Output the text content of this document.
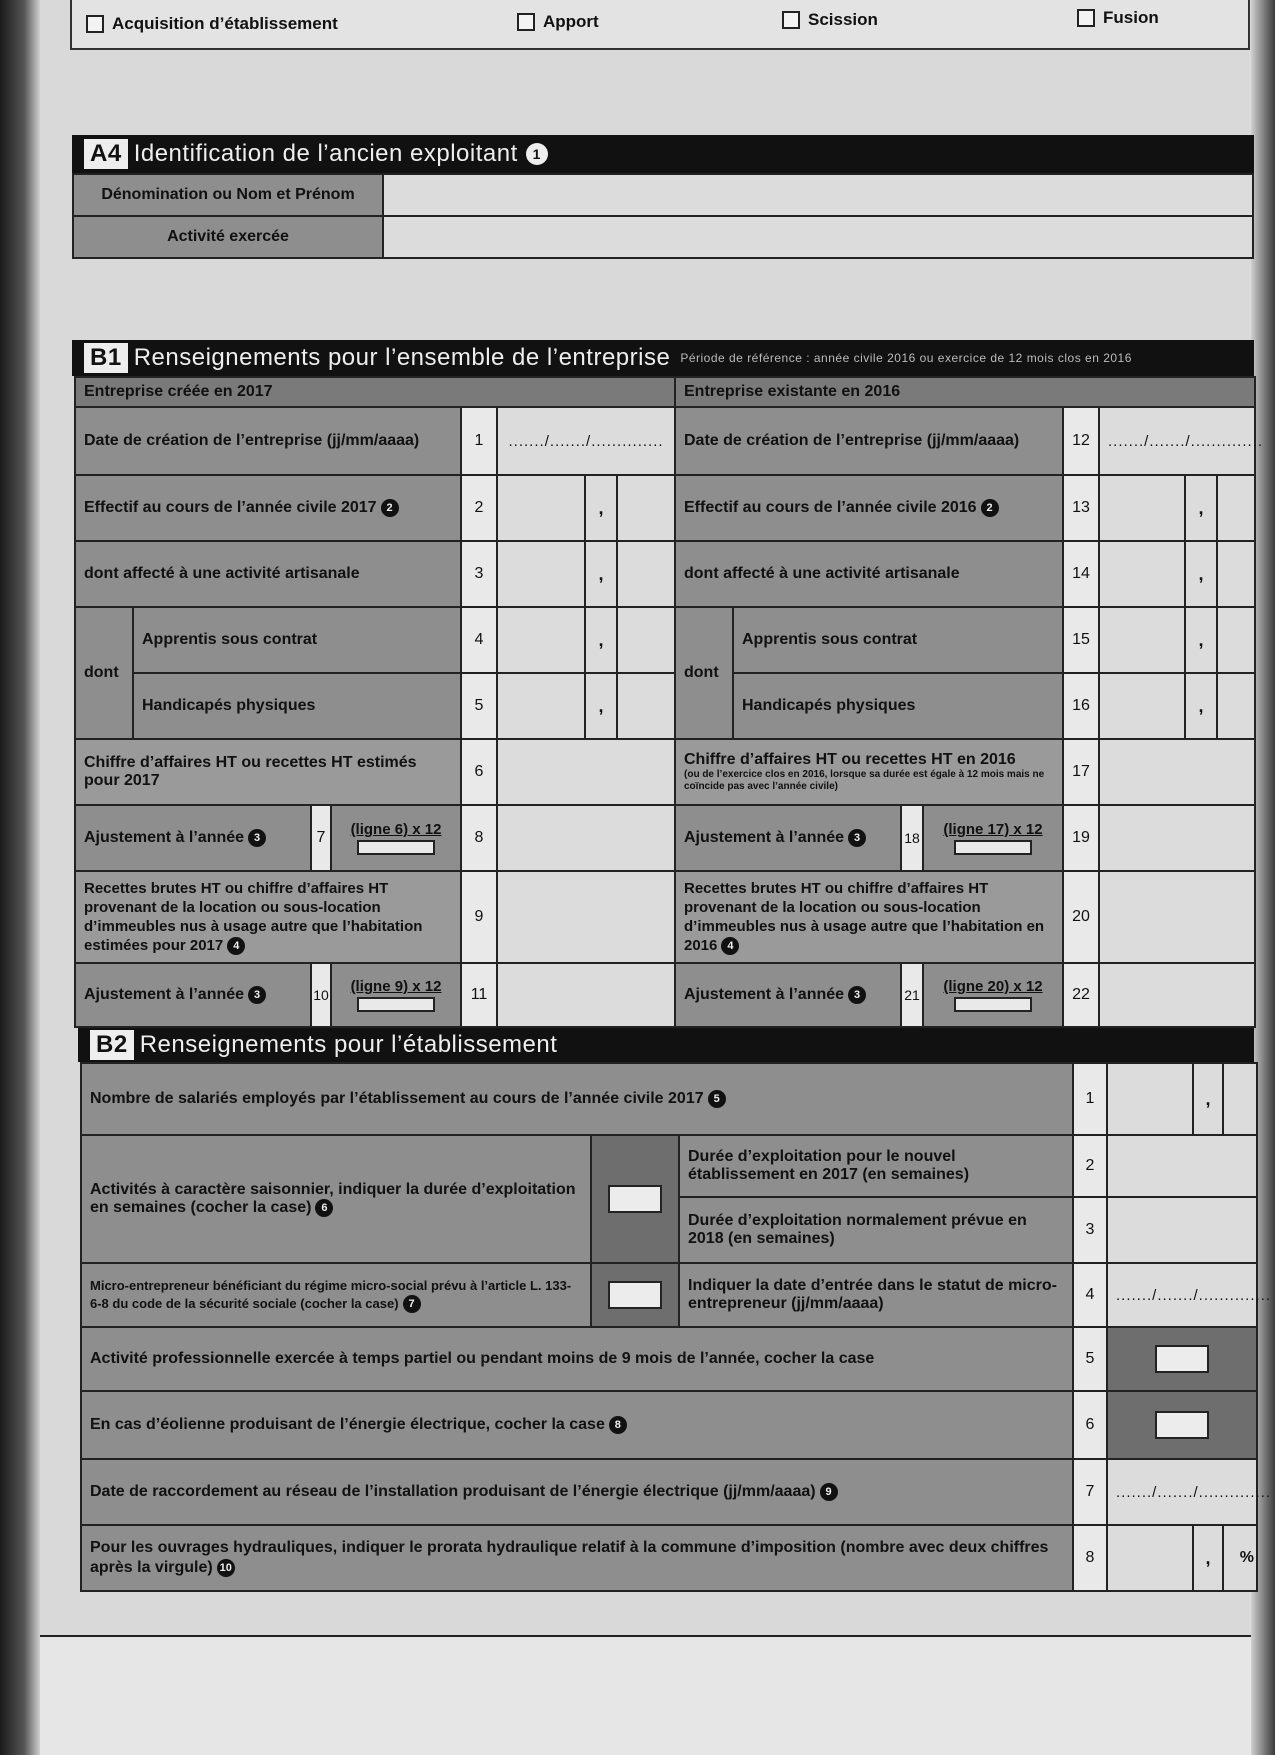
Acquisition d’établissement	Apport	Scission	Fusion
A4 Identification de l’ancien exploitant	1
Dénomination ou Nom et Prénom	
Activité exercée	
B1 Renseignements pour l’ensemble de l’entreprise Période de référence : année civile 2016 ou exercice de 12 mois clos en 2016
Entreprise créée en 2017							
Date de création de l’entreprise (jj/mm/aaaa)				1	......./......./..............		
Effectif au cours de l’année civile 2017 2				2		,	
dont affecté à une activité artisanale				3		,	
dont	Apprentis sous contrat			4		,	
	Handicapés physiques			5		,	
Chiffre d’affaires HT ou recettes HT estimés pour 2017				6			
Ajustement à l’année 3		7	(ligne 6) x 12	8			
Recettes brutes HT ou chiffre d’affaires HT provenant de la location ou sous-location d’immeubles nus à usage autre que l’habitation estimées pour 2017 4				9			
Ajustement à l’année 3		10	(ligne 9) x 12	11			
Entreprise existante en 2016							
Date de création de l’entreprise (jj/mm/aaaa)				12	......./......./..............		
Effectif au cours de l’année civile 2016 2				13		,	
dont affecté à une activité artisanale				14		,	
dont	Apprentis sous contrat			15		,	
	Handicapés physiques			16		,	
Chiffre d’affaires HT ou recettes HT en 2016
(ou de l’exercice clos en 2016, lorsque sa durée est égale à 12 mois mais ne coïncide pas avec l’année civile)				17			
Ajustement à l’année 3		18	(ligne 17) x 12	19			
Recettes brutes HT ou chiffre d’affaires HT provenant de la location ou sous-location d’immeubles nus à usage autre que l’habitation en 2016 4				20			
Ajustement à l’année 3		21	(ligne 20) x 12	22			
B2 Renseignements pour l’établissement
Nombre de salariés employés par l’établissement au cours de l’année civile 2017 5			1		,	
Activités à caractère saisonnier, indiquer la durée d’exploitation en semaines (cocher la case) 6		Durée d’exploitation pour le nouvel établissement en 2017 (en semaines)	2			
		Durée d’exploitation normalement prévue en 2018 (en semaines)	3			
Micro-entrepreneur bénéficiant du régime micro-social prévu à l’article L. 133-6-8 du code de la sécurité sociale (cocher la case) 7		Indiquer la date d’entrée dans le statut de micro-entrepreneur (jj/mm/aaaa)	4	......./......./..............		
Activité professionnelle exercée à temps partiel ou pendant moins de 9 mois de l’année, cocher la case			5			

En cas d’éolienne produisant de l’énergie électrique, cocher la case 8			6			

Date de raccordement au réseau de l’installation produisant de l’énergie électrique (jj/mm/aaaa) 9			7	......./......./..............		
Pour les ouvrages hydrauliques, indiquer le prorata hydraulique relatif à la commune d’imposition (nombre avec deux chiffres après la virgule) 10			8		,	%
